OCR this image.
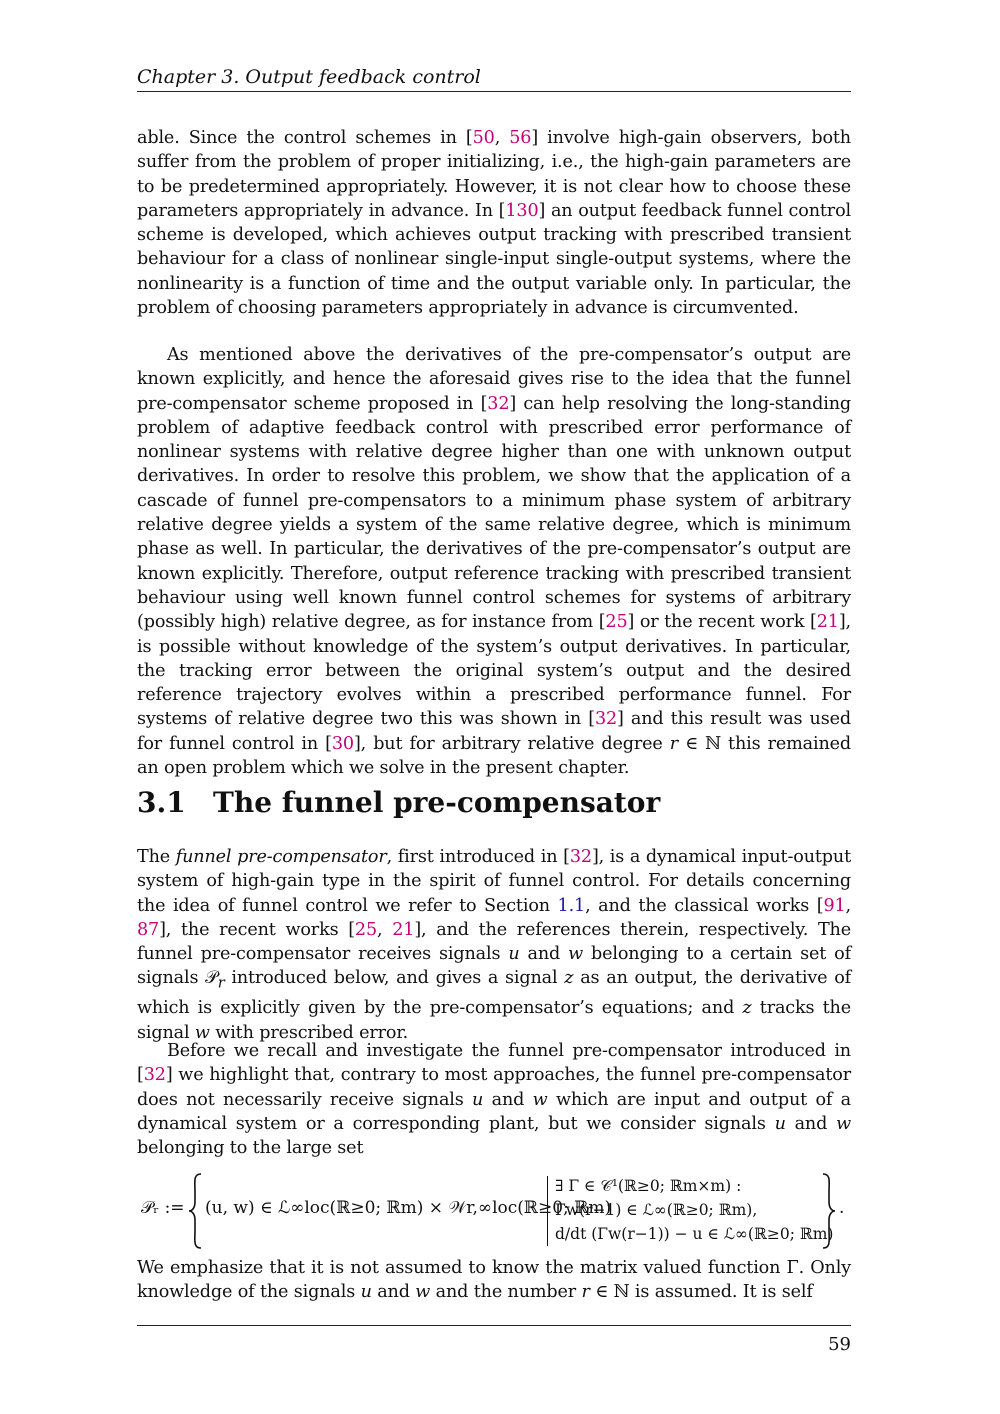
Chapter 3. Output feedback control

able. Since the control schemes in [50, 56] involve high-gain observers, both suffer from the problem of proper initializing, i.e., the high-gain parameters are to be predetermined appropriately. However, it is not clear how to choose these parameters appropriately in advance. In [130] an output feedback funnel control scheme is developed, which achieves output tracking with prescribed transient behaviour for a class of nonlinear single-input single-output systems, where the nonlinearity is a function of time and the output variable only. In particular, the problem of choosing parameters appropriately in advance is circumvented.

As mentioned above the derivatives of the pre-compensator’s output are known explicitly, and hence the aforesaid gives rise to the idea that the funnel pre-compensator scheme proposed in [32] can help resolving the long-standing problem of adaptive feedback control with prescribed error performance of nonlinear systems with relative degree higher than one with unknown output derivatives. In order to resolve this problem, we show that the application of a cascade of funnel pre-compensators to a minimum phase system of arbitrary relative degree yields a system of the same relative degree, which is minimum phase as well. In particular, the derivatives of the pre-compensator’s output are known explicitly. Therefore, output reference tracking with prescribed transient behaviour using well known funnel control schemes for systems of arbitrary (possibly high) relative degree, as for instance from [25] or the recent work [21], is possible without knowledge of the system’s output derivatives. In particular, the tracking error between the original system’s output and the desired reference trajectory evolves within a prescribed performance funnel. For systems of relative degree two this was shown in [32] and this result was used for funnel control in [30], but for arbitrary relative degree r ∈ ℕ this remained an open problem which we solve in the present chapter.

3.1 The funnel pre-compensator

The funnel pre-compensator, first introduced in [32], is a dynamical input-output system of high-gain type in the spirit of funnel control. For details concerning the idea of funnel control we refer to Section 1.1, and the classical works [91, 87], the recent works [25, 21], and the references therein, respectively. The funnel pre-compensator receives signals u and w belonging to a certain set of signals 𝒫$_r$ introduced below, and gives a signal z as an output, the derivative of which is explicitly given by the pre-compensator’s equations; and z tracks the signal w with prescribed error.

Before we recall and investigate the funnel pre-compensator introduced in [32] we highlight that, contrary to most approaches, the funnel pre-compensator does not necessarily receive signals u and w which are input and output of a dynamical system or a corresponding plant, but we consider signals u and w belonging to the large set

𝒫ᵣ := (u, w) ∈ ℒ∞loc(ℝ≥0; ℝm) × 𝒲r,∞loc(ℝ≥0; ℝm)
∃ Γ ∈ 𝒞¹(ℝ≥0; ℝm×m) :
Γw(r−1) ∈ ℒ∞(ℝ≥0; ℝm),
d/dt (Γw(r−1)) − u ∈ ℒ∞(ℝ≥0; ℝm)
.

We emphasize that it is not assumed to know the matrix valued function Γ. Only knowledge of the signals u and w and the number r ∈ ℕ is assumed. It is self

59
